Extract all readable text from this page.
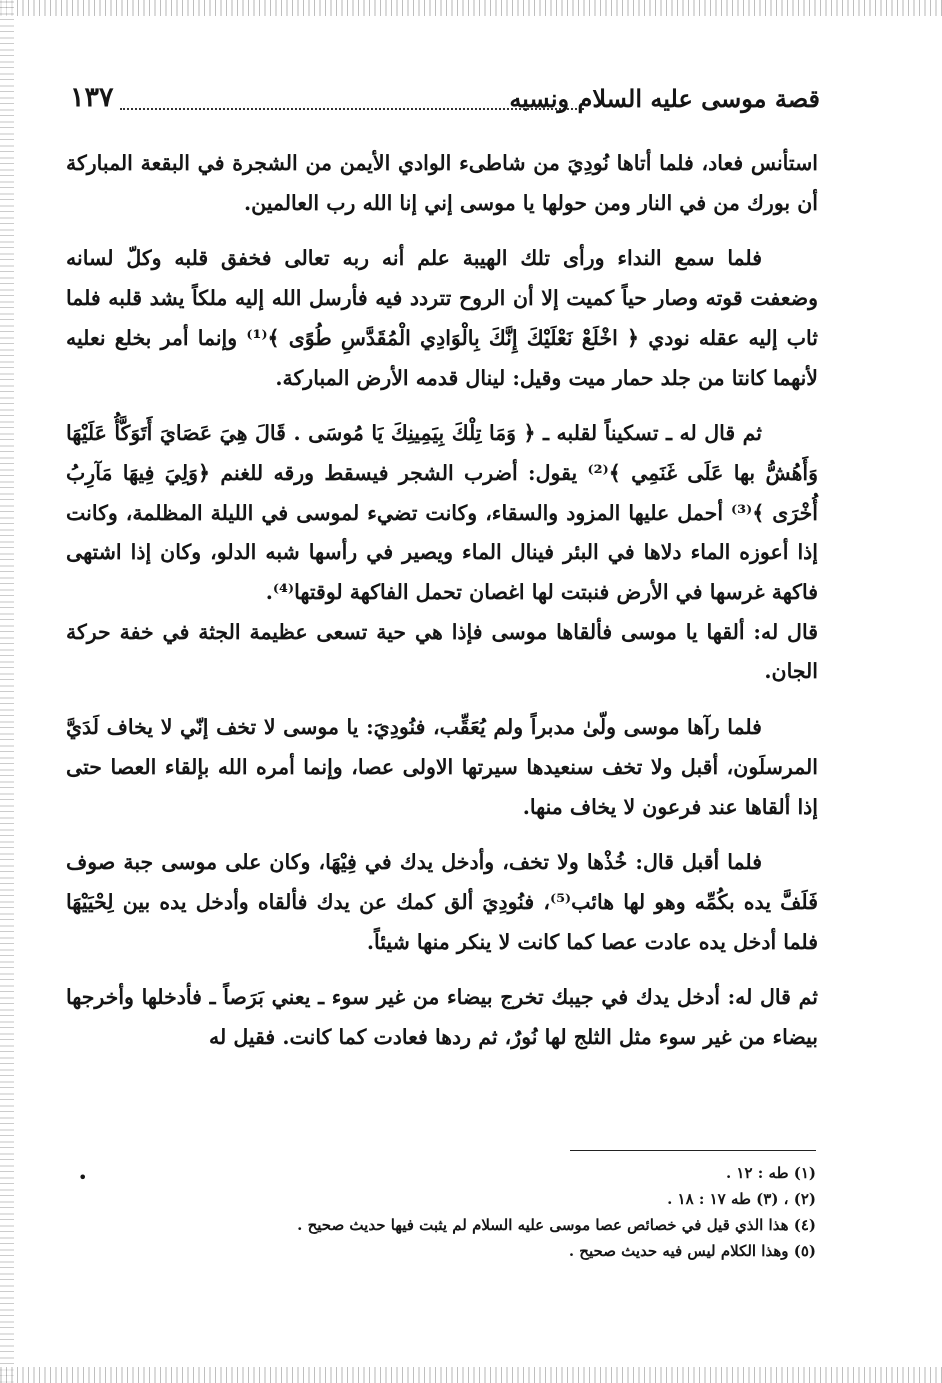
١٣٧	قصة موسى عليه السلام ونسبه

استأنس فعاد، فلما أتاها نُودِيَ من شاطىء الوادي الأيمن من الشجرة في البقعة المباركة أن بورك من في النار ومن حولها يا موسى إني إنا الله رب العالمين.

فلما سمع النداء ورأى تلك الهيبة علم أنه ربه تعالى فخفق قلبه وكلّ لسانه وضعفت قوته وصار حياً كميت إلا أن الروح تتردد فيه فأرسل الله إليه ملكاً يشد قلبه فلما ثاب إليه عقله نودي ﴿ اخْلَعْ نَعْلَيْكَ إِنَّكَ بِالْوَادِي الْمُقَدَّسِ طُوًى ﴾⁽¹⁾ وإنما أمر بخلع نعليه لأنهما كانتا من جلد حمار ميت وقيل: لينال قدمه الأرض المباركة.

ثم قال له ـ تسكيناً لقلبه ـ ﴿ وَمَا تِلْكَ بِيَمِينِكَ يَا مُوسَى . قَالَ هِيَ عَصَايَ أَتَوَكَّأُ عَلَيْهَا وَأَهُشُّ بها عَلَى غَنَمِي ﴾⁽²⁾ يقول: أضرب الشجر فيسقط ورقه للغنم ﴿وَلِيَ فِيهَا مَآرِبُ أُخْرَى ﴾⁽³⁾ أحمل عليها المزود والسقاء، وكانت تضيء لموسى في الليلة المظلمة، وكانت إذا أعوزه الماء دلاها في البئر فينال الماء ويصير في رأسها شبه الدلو، وكان إذا اشتهى فاكهة غرسها في الأرض فنبتت لها اغصان تحمل الفاكهة لوقتها⁽⁴⁾.

قال له: ألقها يا موسى فألقاها موسى فإذا هي حية تسعى عظيمة الجثة في خفة حركة الجان.

فلما رآها موسى ولّىٰ مدبراً ولم يُعَقِّب، فنُودِيَ: يا موسى لا تخف إنّي لا يخاف لَدَيَّ المرسلَون، أقبل ولا تخف سنعيدها سيرتها الاولى عصا، وإنما أمره الله بإلقاء العصا حتى إذا ألقاها عند فرعون لا يخاف منها.

فلما أقبل قال: خُذْها ولا تخف، وأدخل يدك في فِيْهَا، وكان على موسى جبة صوف فَلَفَّ يده بكُمِّه وهو لها هائب⁽⁵⁾، فنُودِيَ ألق كمك عن يدك فألقاه وأدخل يده بين لِحْيَيْهَا فلما أدخل يده عادت عصا كما كانت لا ينكر منها شيئاً.

ثم قال له: أدخل يدك في جيبك تخرج بيضاء من غير سوء ـ يعني بَرَصاً ـ فأدخلها وأخرجها بيضاء من غير سوء مثل الثلج لها نُورٌ، ثم ردها فعادت كما كانت. فقيل له

•	(١) طه : ١٢ .
(٢) ، (٣) طه ١٧ : ١٨ .
(٤) هذا الذي قيل في خصائص عصا موسى عليه السلام لم يثبت فيها حديث صحيح .
(٥) وهذا الكلام ليس فيه حديث صحيح .
